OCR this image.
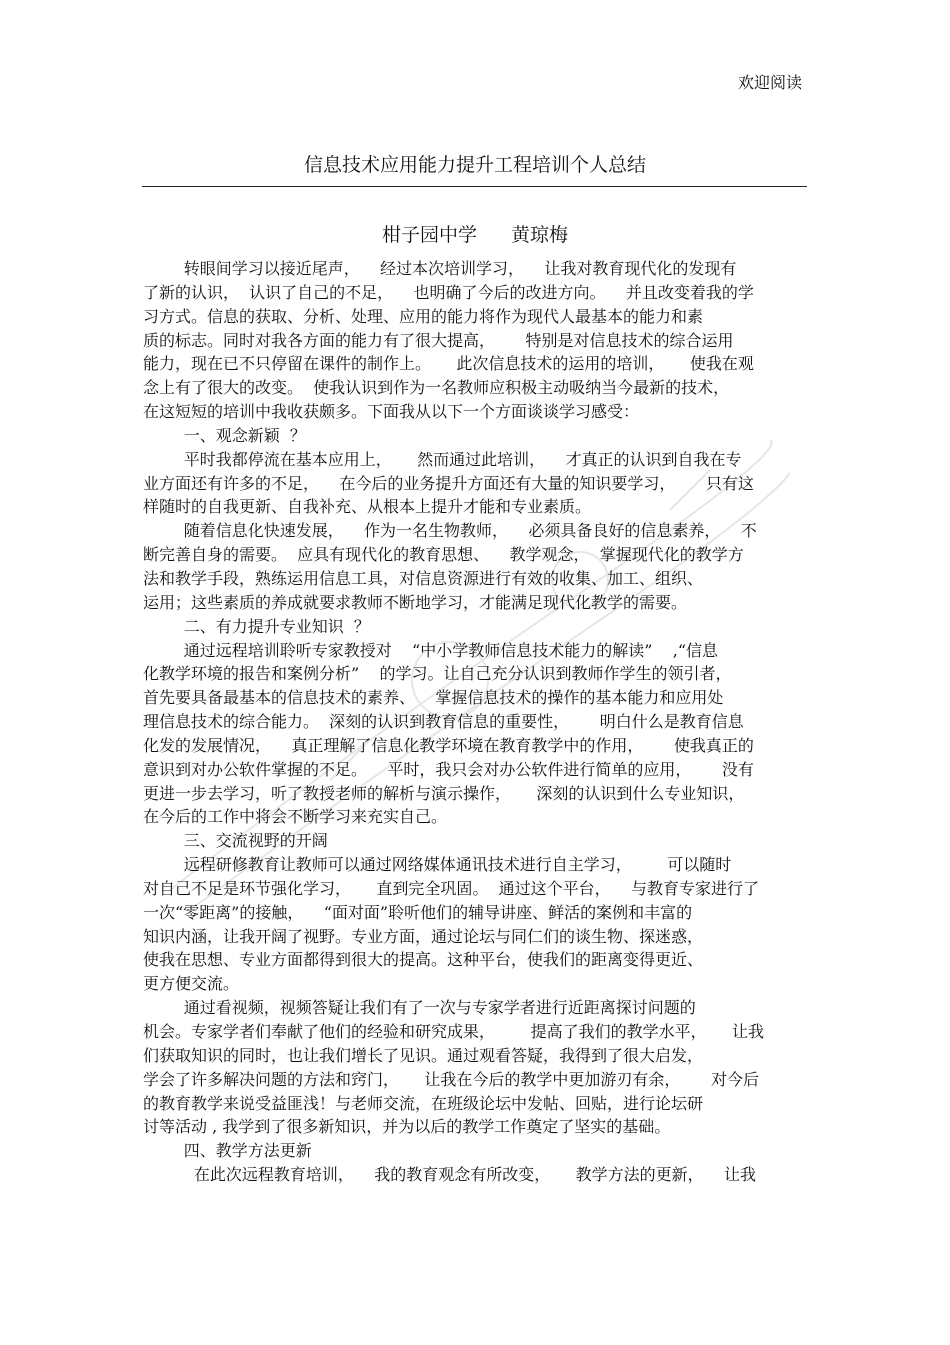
欢迎阅读
信息技术应用能力提升工程培训个人总结
柑子园中学 黄琼梅
转眼间学习以接近尾声，    经过本次培训学习，    让我对教育现代化的发现有
了新的认识，  认识了自己的不足，    也明确了今后的改进方向。    并且改变着我的学
习方式。信息的获取、分析、处理、应用的能力将作为现代人最基本的能力和素
质的标志。同时对我各方面的能力有了很大提高，      特别是对信息技术的综合运用
能力，现在已不只停留在课件的制作上。     此次信息技术的运用的培训，     使我在观
念上有了很大的改变。  使我认识到作为一名教师应积极主动吸纳当今最新的技术，
在这短短的培训中我收获颇多。下面我从以下一个方面谈谈学习感受：
一、观念新颖  ？
平时我都停流在基本应用上，     然而通过此培训，    才真正的认识到自我在专
业方面还有许多的不足，    在今后的业务提升方面还有大量的知识要学习，      只有这
样随时的自我更新、自我补充、从根本上提升才能和专业素质。
随着信息化快速发展，    作为一名生物教师，    必须具备良好的信息素养，    不
断完善自身的需要。  应具有现代化的教育思想、    教学观念，  掌握现代化的教学方
法和教学手段，熟练运用信息工具，对信息资源进行有效的收集、加工、组织、
运用；这些素质的养成就要求教师不断地学习，才能满足现代化教学的需要。
二、有力提升专业知识  ？
通过远程培训聆听专家教授对    “中小学教师信息技术能力的解读”    ,“信息
化教学环境的报告和案例分析”    的学习。让自己充分认识到教师作学生的领引者，
首先要具备最基本的信息技术的素养、    掌握信息技术的操作的基本能力和应用处
理信息技术的综合能力。  深刻的认识到教育信息的重要性，      明白什么是教育信息
化发的发展情况，    真正理解了信息化教学环境在教育教学中的作用，      使我真正的
意识到对办公软件掌握的不足。    平时，我只会对办公软件进行简单的应用，      没有
更进一步去学习，听了教授老师的解析与演示操作，     深刻的认识到什么专业知识，
在今后的工作中将会不断学习来充实自己。
三、交流视野的开阔
远程研修教育让教师可以通过网络媒体通讯技术进行自主学习，       可以随时
对自己不足是环节强化学习，     直到完全巩固。  通过这个平台，    与教育专家进行了
一次“零距离”的接触，    “面对面”聆听他们的辅导讲座、鲜活的案例和丰富的
知识内涵，让我开阔了视野。专业方面，通过论坛与同仁们的谈生物、探迷惑，
使我在思想、专业方面都得到很大的提高。这种平台，使我们的距离变得更近、
更方便交流。
通过看视频，视频答疑让我们有了一次与专家学者进行近距离探讨问题的
机会。专家学者们奉献了他们的经验和研究成果，       提高了我们的教学水平，     让我
们获取知识的同时，也让我们增长了见识。通过观看答疑，我得到了很大启发，
学会了许多解决问题的方法和窍门，     让我在今后的教学中更加游刃有余，      对今后
的教育教学来说受益匪浅！与老师交流，在班级论坛中发帖、回贴，进行论坛研
讨等活动 , 我学到了很多新知识，并为以后的教学工作奠定了坚实的基础。
四、教学方法更新
在此次远程教育培训，    我的教育观念有所改变，     教学方法的更新，    让我
